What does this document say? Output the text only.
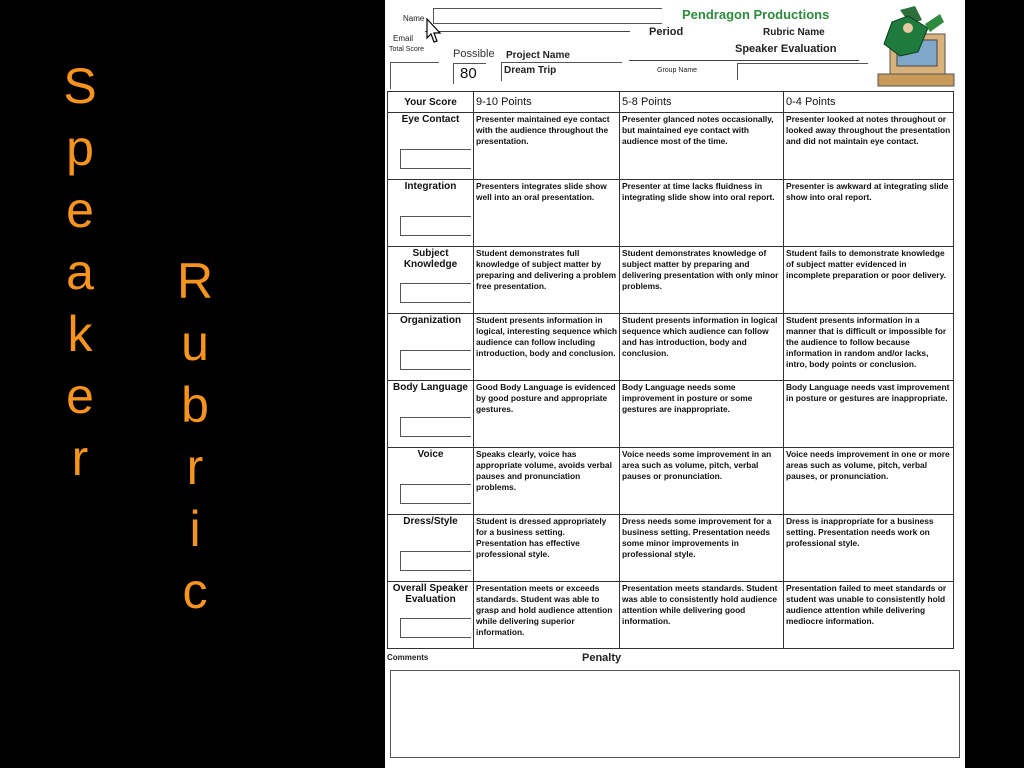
S
p
e
a
k
e
r
R
u
b
r
i
c
Name
Email
Total Score	Possible
80
Project Name
Dream Trip
Pendragon Productions
Period	Rubric Name
Speaker Evaluation
Group Name
Your Score	9-10 Points	5-8 Points	0-4 Points

Eye Contact	Presenter maintained eye contact with the audience throughout the presentation.	Presenter glanced notes occasionally, but maintained eye contact with audience most of the time.	Presenter looked at notes throughout or looked away throughout the presentation and did not maintain eye contact.

Integration	Presenters integrates slide show well into an oral presentation.	Presenter at time lacks fluidness in integrating slide show into oral report.	Presenter is awkward at integrating slide show into oral report.

Subject Knowledge	Student demonstrates full knowledge of subject matter by preparing and delivering a problem free presentation.	Student demonstrates knowledge of subject matter by preparing and delivering presentation with only minor problems.	Student fails to demonstrate knowledge of subject matter evidenced in incomplete preparation or poor delivery.

Organization	Student presents information in logical, interesting sequence which audience can follow including introduction, body and conclusion.	Student presents information in logical sequence which audience can follow and has introduction, body and conclusion.	Student presents information in a manner that is difficult or impossible for the audience to follow because information in random and/or lacks, intro, body points or conclusion.

Body Language	Good Body Language is evidenced by good posture and appropriate gestures.	Body Language needs some improvement in posture or some gestures are inappropriate.	Body Language needs vast improvement in posture or gestures are inappropriate.

Voice	Speaks clearly, voice has appropriate volume, avoids verbal pauses and pronunciation problems.	Voice needs some improvement in an area such as volume, pitch, verbal pauses or pronunciation.	Voice needs improvement in one or more areas such as volume, pitch, verbal pauses, or pronunciation.

Dress/Style	Student is dressed appropriately for a business setting. Presentation has effective professional style.	Dress needs some improvement for a business setting. Presentation needs some minor improvements in professional style.	Dress is inappropriate for a business setting. Presentation needs work on professional style.

Overall Speaker Evaluation	Presentation meets or exceeds standards. Student was able to grasp and hold audience attention while delivering superior information.	Presentation meets standards. Student was able to consistently hold audience attention while delivering good information.	Presentation failed to meet standards or student was unable to consistently hold audience attention while delivering mediocre information.
Comments	Penalty
